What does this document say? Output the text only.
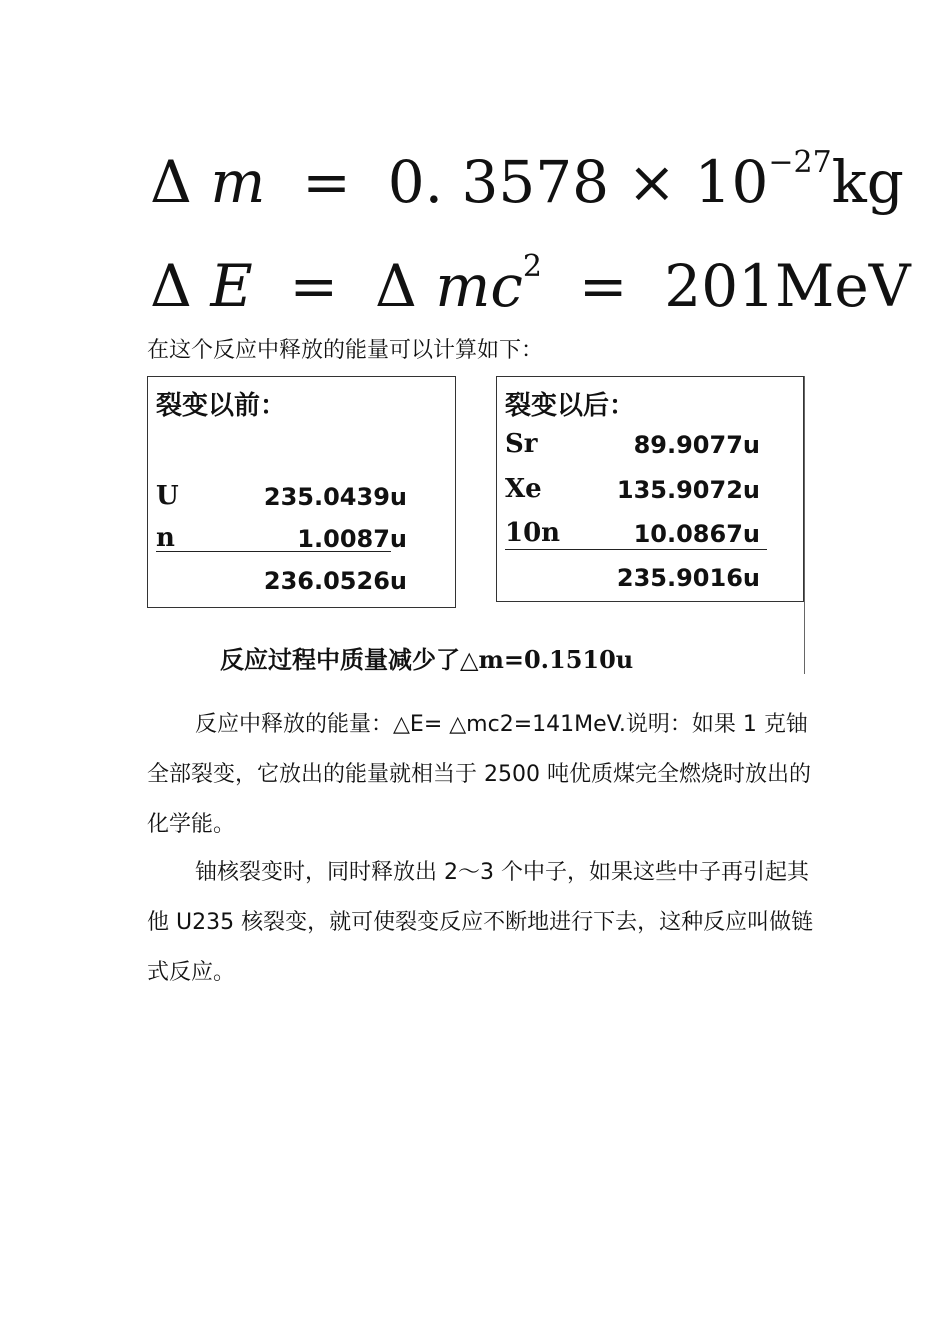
Δ m = 0. $3578 \times 10^{-27}kg$
Δ E = Δ $mc^2 = 201MeV$
在这个反应中释放的能量可以计算如下：
裂变以前：
U	235.0439u
n	1.0087u
236.0526u
裂变以后：
Sr	89.9077u
Xe	135.9072u
10n	10.0867u
235.9016u
反应过程中质量减少了△m=0.1510u
反应中释放的能量：△E= △mc2=141MeV.说明：如果 1 克铀全部裂变，它放出的能量就相当于 2500 吨优质煤完全燃烧时放出的化学能。
铀核裂变时，同时释放出 2～3 个中子，如果这些中子再引起其他 U235 核裂变，就可使裂变反应不断地进行下去，这种反应叫做链式反应。
